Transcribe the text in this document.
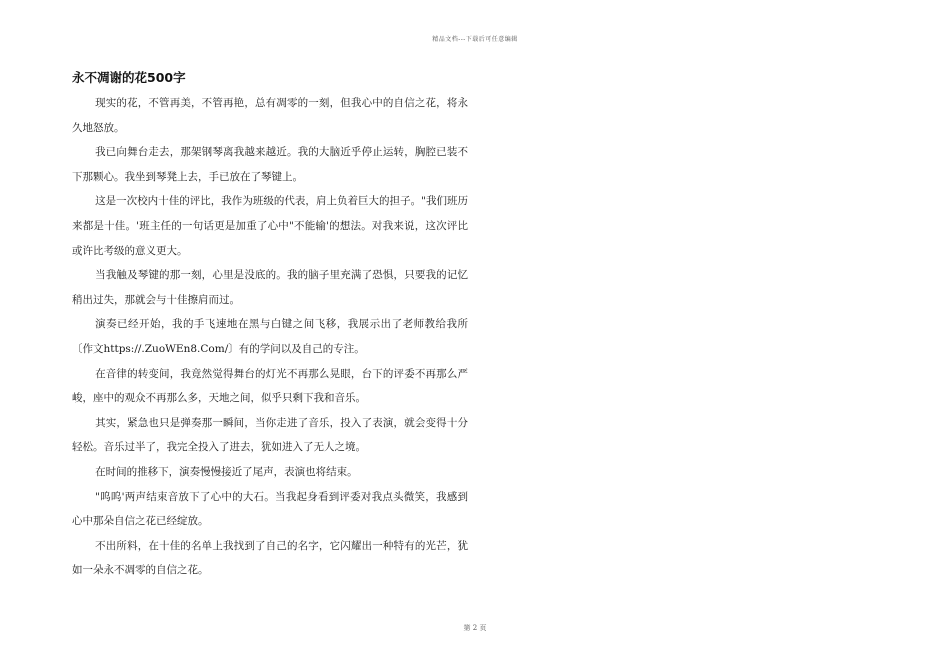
精品文档---下载后可任意编辑
永不凋谢的花500字

现实的花，不管再美，不管再艳，总有凋零的一刻，但我心中的自信之花，将永久地怒放。

我已向舞台走去，那架钢琴离我越来越近。我的大脑近乎停止运转，胸腔已装不下那颗心。我坐到琴凳上去，手已放在了琴键上。

这是一次校内十佳的评比，我作为班级的代表，肩上负着巨大的担子。"我们班历来都是十佳。'班主任的一句话更是加重了心中"不能输'的想法。对我来说，这次评比或许比考级的意义更大。

当我触及琴键的那一刻，心里是没底的。我的脑子里充满了恐惧，只要我的记忆稍出过失，那就会与十佳擦肩而过。

演奏已经开始，我的手飞速地在黑与白键之间飞移，我展示出了老师教给我所〔作文https://.ZuoWEn8.Com/〕有的学问以及自己的专注。

在音律的转变间，我竟然觉得舞台的灯光不再那么晃眼，台下的评委不再那么严峻，座中的观众不再那么多，天地之间，似乎只剩下我和音乐。

其实，紧急也只是弹奏那一瞬间，当你走进了音乐，投入了表演，就会变得十分轻松。音乐过半了，我完全投入了进去，犹如进入了无人之境。

在时间的推移下，演奏慢慢接近了尾声，表演也将结束。

"呜呜'两声结束音放下了心中的大石。当我起身看到评委对我点头微笑，我感到心中那朵自信之花已经绽放。

不出所料，在十佳的名单上我找到了自己的名字，它闪耀出一种特有的光芒，犹如一朵永不凋零的自信之花。

第 2 页
